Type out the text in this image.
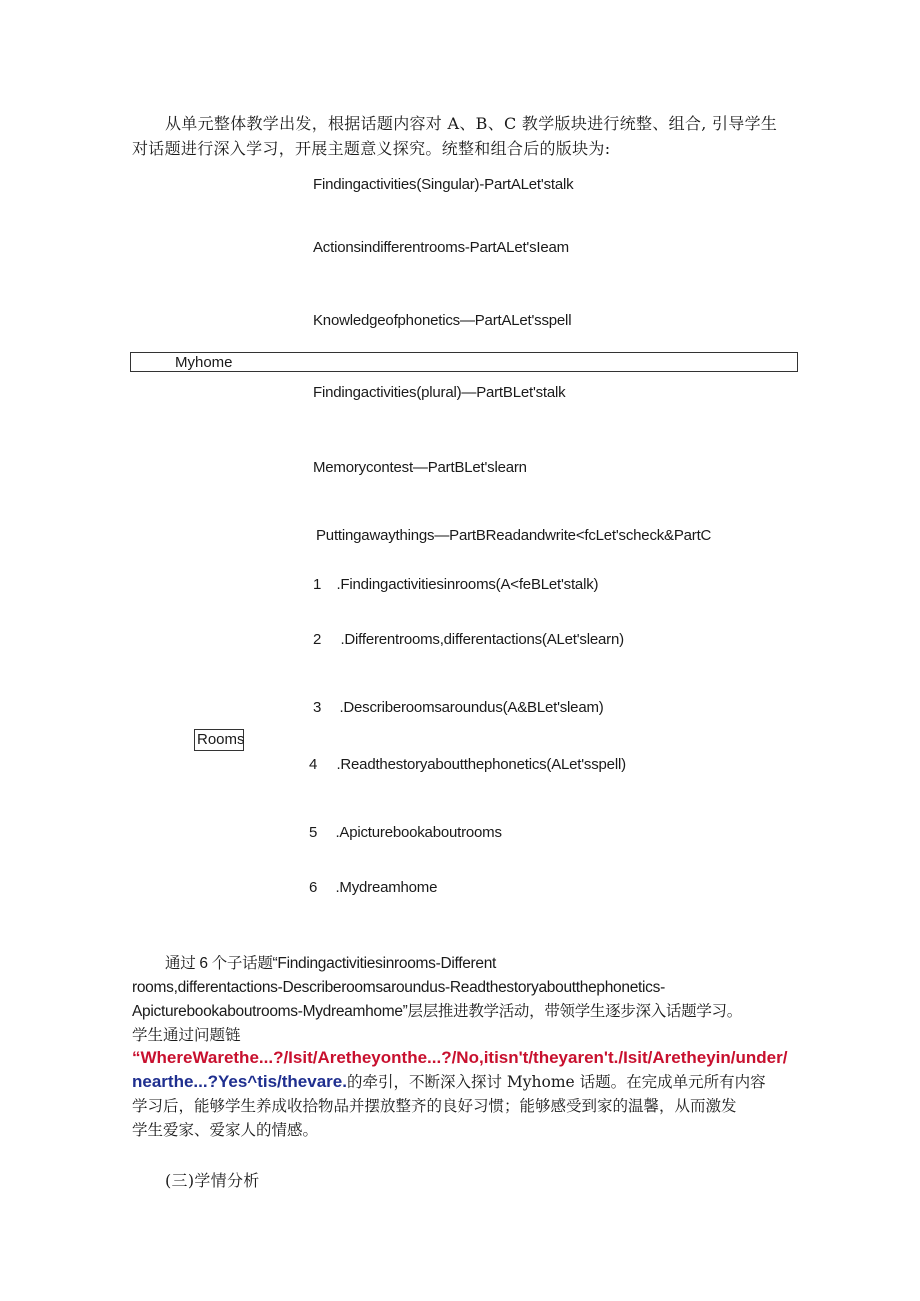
从单元整体教学出发，根据话题内容对 A、B、C 教学版块进行统整、组合, 引导学生
对话题进行深入学习，开展主题意义探究。统整和组合后的版块为:
Findingactivities(Singular)-PartALet'stalk
Actionsindifferentrooms-PartALet'sIeam
Knowledgeofphonetics—PartALet'sspell
Myhome
Findingactivities(plural)—PartBLet'stalk
Memorycontest—PartBLet'slearn
Puttingawaythings—PartBReadandwrite<fcLet'scheck&PartC
1 .Findingactivitiesinrooms(A<feBLet'stalk)
2 .Differentrooms,differentactions(ALet'slearn)
3 .Describeroomsaroundus(A&BLet'sleam)
Rooms
4 .Readthestoryaboutthephonetics(ALet'sspell)
5 .Apicturebookaboutrooms
6 .Mydreamhome
通过 6 个子话题“Findingactivitiesinrooms-Different
rooms,differentactions-Describeroomsaroundus-Readthestoryaboutthephonetics-
Apicturebookaboutrooms-Mydreamhome”层层推进教学活动，带领学生逐步深入话题学习。
学生通过问题链
“WhereWarethe...?/Isit/Aretheyonthe...?/No,itisn't/theyaren't./Isit/Aretheyin/under/
nearthe...?Yes^tis/thevare.的牵引，不断深入探讨 Myhome 话题。在完成单元所有内容
学习后，能够学生养成收拾物品并摆放整齐的良好习惯；能够感受到家的温馨，从而激发
学生爱家、爱家人的情感。
(三)学情分析
